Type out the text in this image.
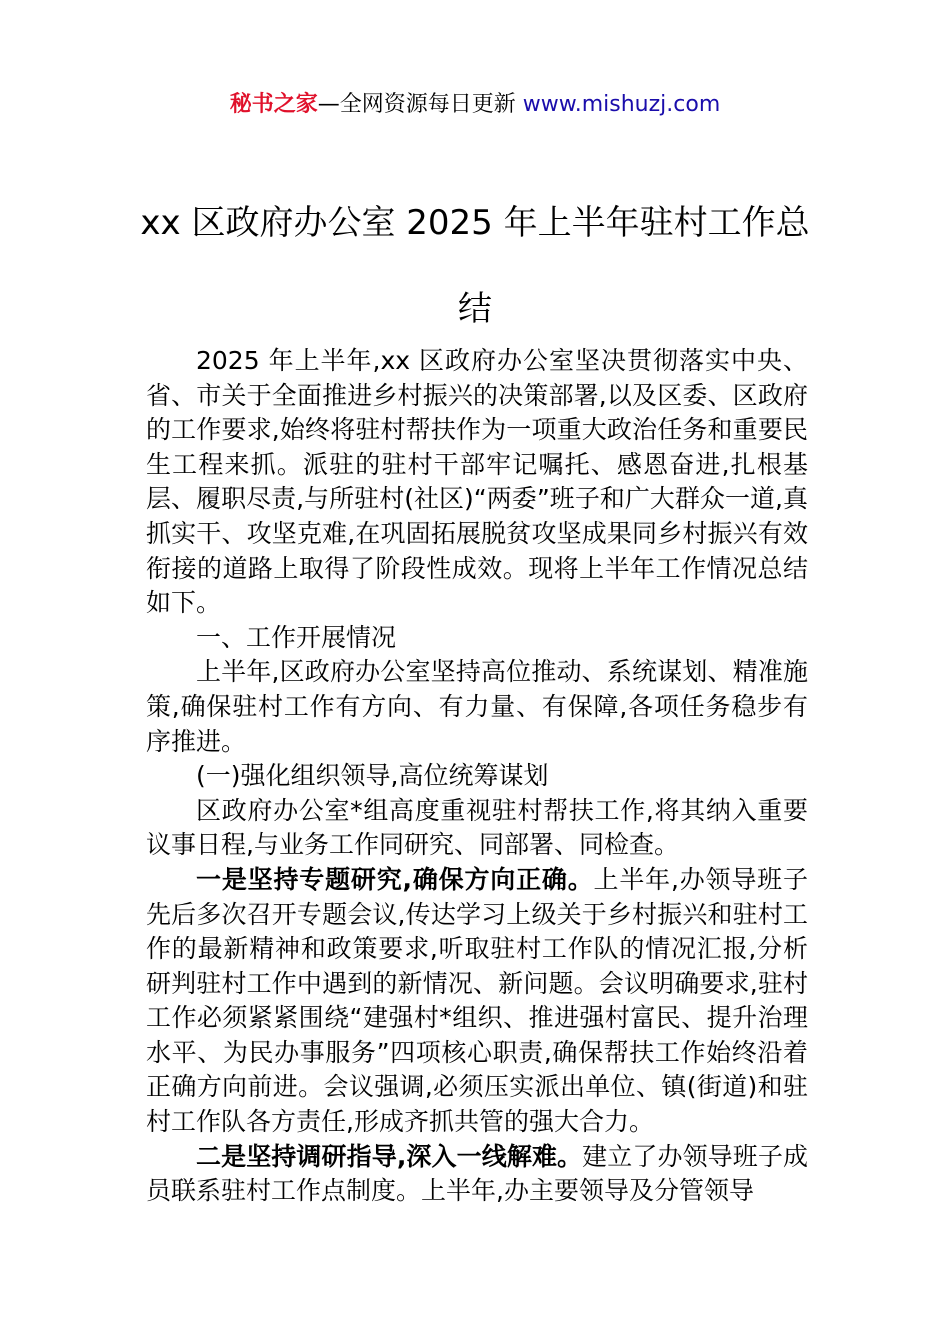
秘书之家—全网资源每日更新 www.mishuzj.com
xx 区政府办公室 2025 年上半年驻村工作总结

2025 年上半年,xx 区政府办公室坚决贯彻落实中央、省、市关于全面推进乡村振兴的决策部署,以及区委、区政府的工作要求,始终将驻村帮扶作为一项重大政治任务和重要民生工程来抓。派驻的驻村干部牢记嘱托、感恩奋进,扎根基层、履职尽责,与所驻村(社区)“两委”班子和广大群众一道,真抓实干、攻坚克难,在巩固拓展脱贫攻坚成果同乡村振兴有效衔接的道路上取得了阶段性成效。现将上半年工作情况总结如下。

一、工作开展情况

上半年,区政府办公室坚持高位推动、系统谋划、精准施策,确保驻村工作有方向、有力量、有保障,各项任务稳步有序推进。

(一)强化组织领导,高位统筹谋划

区政府办公室*组高度重视驻村帮扶工作,将其纳入重要议事日程,与业务工作同研究、同部署、同检查。

一是坚持专题研究,确保方向正确。上半年,办领导班子先后多次召开专题会议,传达学习上级关于乡村振兴和驻村工作的最新精神和政策要求,听取驻村工作队的情况汇报,分析研判驻村工作中遇到的新情况、新问题。会议明确要求,驻村工作必须紧紧围绕“建强村*组织、推进强村富民、提升治理水平、为民办事服务”四项核心职责,确保帮扶工作始终沿着正确方向前进。会议强调,必须压实派出单位、镇(街道)和驻村工作队各方责任,形成齐抓共管的强大合力。

二是坚持调研指导,深入一线解难。建立了办领导班子成员联系驻村工作点制度。上半年,办主要领导及分管领导
